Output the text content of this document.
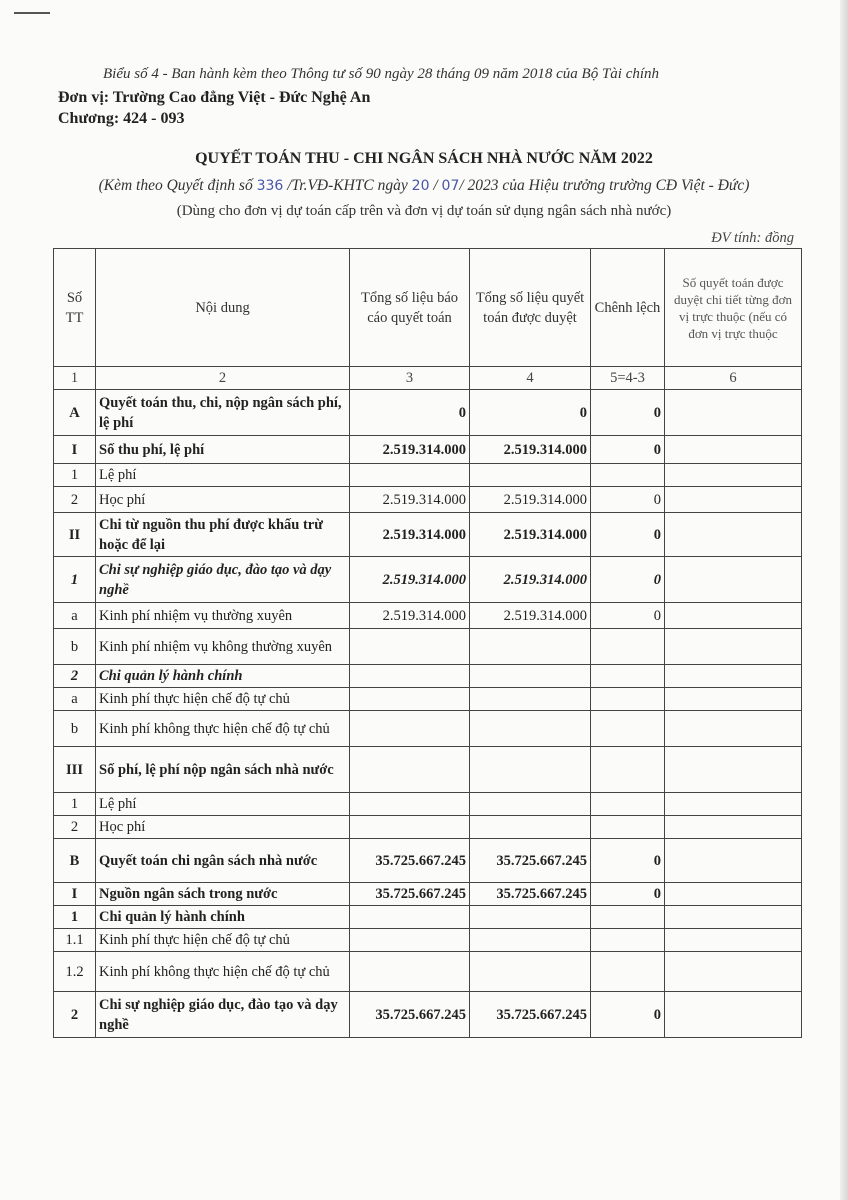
Biểu số 4 - Ban hành kèm theo Thông tư số 90 ngày 28 tháng 09 năm 2018 của Bộ Tài chính
Đơn vị: Trường Cao đẳng Việt - Đức Nghệ An
Chương: 424 - 093
QUYẾT TOÁN THU - CHI NGÂN SÁCH NHÀ NƯỚC NĂM 2022
(Kèm theo Quyết định số 336 /Tr.VĐ-KHTC ngày 20 / 07/ 2023 của Hiệu trưởng trường CĐ Việt - Đức)
(Dùng cho đơn vị dự toán cấp trên và đơn vị dự toán sử dụng ngân sách nhà nước)
ĐV tính: đồng
Số TT	Nội dung	Tổng số liệu báo cáo quyết toán	Tổng số liệu quyết toán được duyệt	Chênh lệch	Số quyết toán được duyệt chi tiết từng đơn vị trực thuộc (nếu có đơn vị trực thuộc
1	2	3	4	5=4-3	6
A	Quyết toán thu, chi, nộp ngân sách phí, lệ phí	0	0	0	
I	Số thu phí, lệ phí	2.519.314.000	2.519.314.000	0	
1	Lệ phí				
2	Học phí	2.519.314.000	2.519.314.000	0	
II	Chi từ nguồn thu phí được khấu trừ hoặc để lại	2.519.314.000	2.519.314.000	0	
1	Chi sự nghiệp giáo dục, đào tạo và dạy nghề	2.519.314.000	2.519.314.000	0	
a	Kinh phí nhiệm vụ thường xuyên	2.519.314.000	2.519.314.000	0	
b	Kinh phí nhiệm vụ không thường xuyên				
2	Chi quản lý hành chính				
a	Kinh phí thực hiện chế độ tự chủ				
b	Kinh phí không thực hiện chế độ tự chủ				
III	Số phí, lệ phí nộp ngân sách nhà nước				
1	Lệ phí				
2	Học phí				
B	Quyết toán chi ngân sách nhà nước	35.725.667.245	35.725.667.245	0	
I	Nguồn ngân sách trong nước	35.725.667.245	35.725.667.245	0	
1	Chi quản lý hành chính				
1.1	Kinh phí thực hiện chế độ tự chủ				
1.2	Kinh phí không thực hiện chế độ tự chủ				
2	Chi sự nghiệp giáo dục, đào tạo và dạy nghề	35.725.667.245	35.725.667.245	0	
